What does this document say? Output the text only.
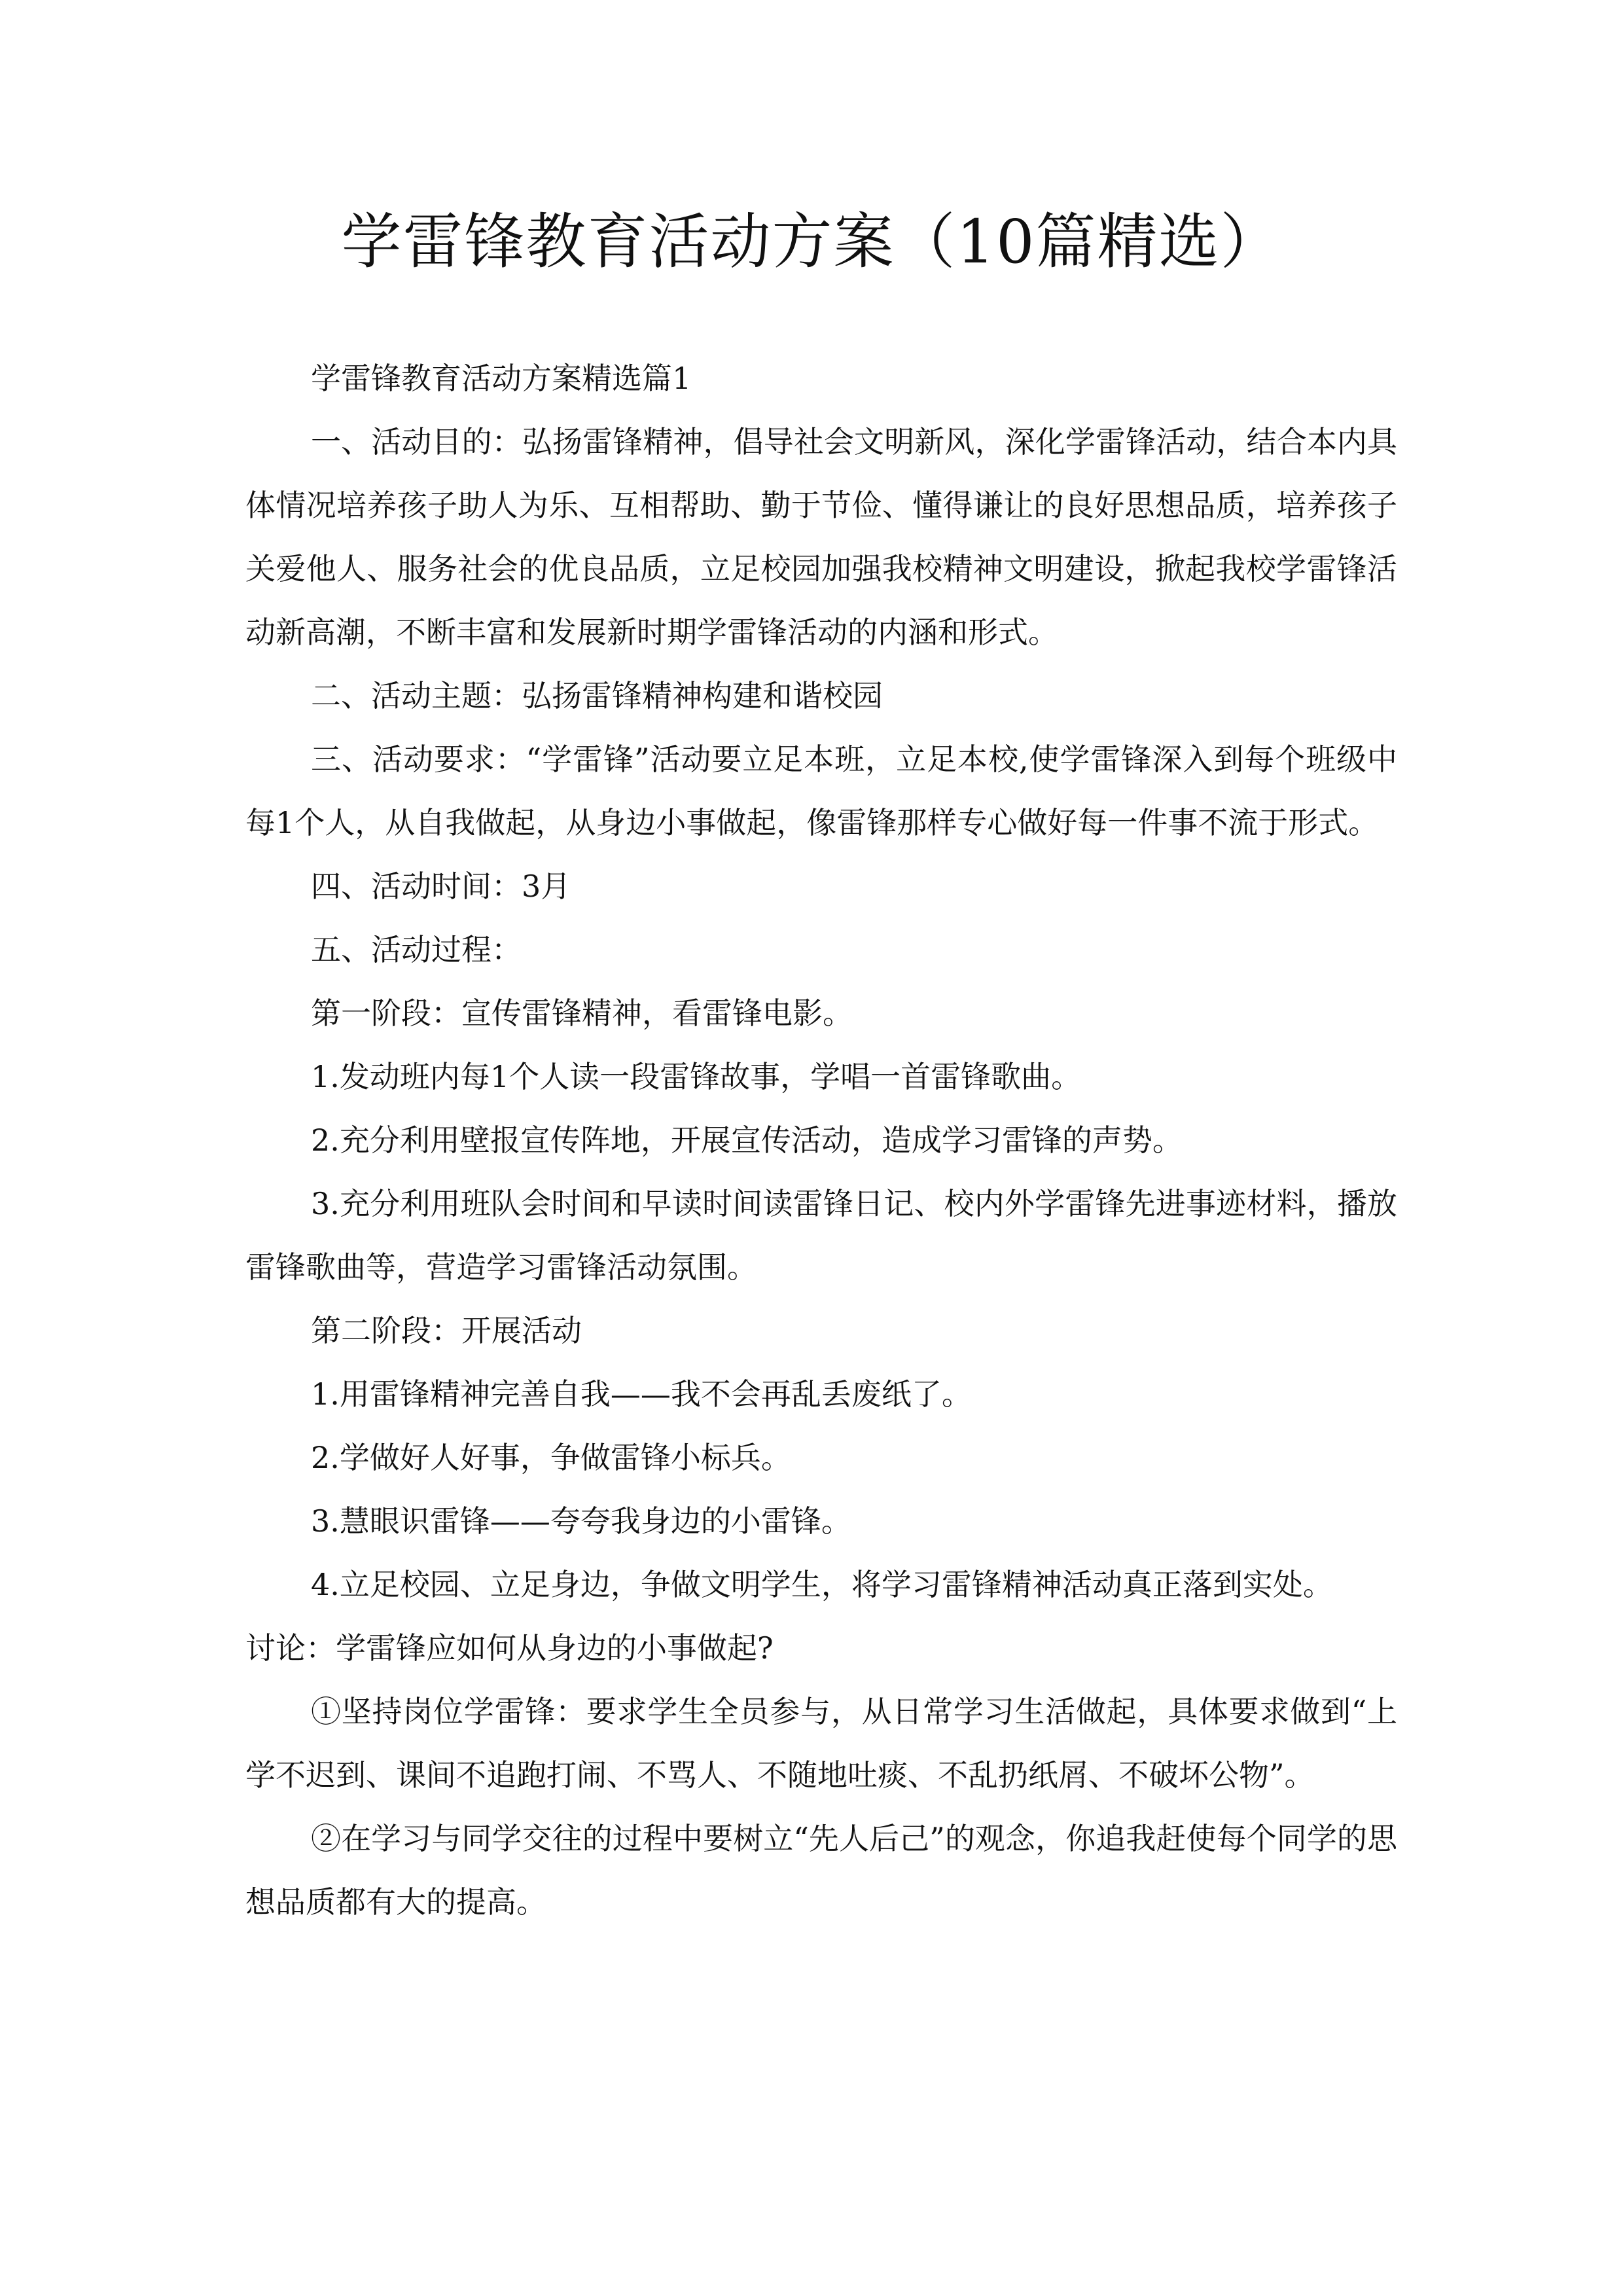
学雷锋教育活动方案（10篇精选）

学雷锋教育活动方案精选篇1

一、活动目的：弘扬雷锋精神，倡导社会文明新风，深化学雷锋活动，结合本内具体情况培养孩子助人为乐、互相帮助、勤于节俭、懂得谦让的良好思想品质，培养孩子关爱他人、服务社会的优良品质，立足校园加强我校精神文明建设，掀起我校学雷锋活动新高潮，不断丰富和发展新时期学雷锋活动的内涵和形式。

二、活动主题：弘扬雷锋精神构建和谐校园

三、活动要求：“学雷锋”活动要立足本班，立足本校,使学雷锋深入到每个班级中每1个人，从自我做起，从身边小事做起，像雷锋那样专心做好每一件事不流于形式。

四、活动时间：3月

五、活动过程：

第一阶段：宣传雷锋精神，看雷锋电影。

1.发动班内每1个人读一段雷锋故事，学唱一首雷锋歌曲。

2.充分利用壁报宣传阵地，开展宣传活动，造成学习雷锋的声势。

3.充分利用班队会时间和早读时间读雷锋日记、校内外学雷锋先进事迹材料，播放雷锋歌曲等，营造学习雷锋活动氛围。

第二阶段：开展活动

1.用雷锋精神完善自我——我不会再乱丢废纸了。

2.学做好人好事，争做雷锋小标兵。

3.慧眼识雷锋——夸夸我身边的小雷锋。

4.立足校园、立足身边，争做文明学生，将学习雷锋精神活动真正落到实处。

讨论：学雷锋应如何从身边的小事做起?

①坚持岗位学雷锋：要求学生全员参与，从日常学习生活做起，具体要求做到“上学不迟到、课间不追跑打闹、不骂人、不随地吐痰、不乱扔纸屑、不破坏公物”。

②在学习与同学交往的过程中要树立“先人后己”的观念，你追我赶使每个同学的思想品质都有大的提高。
